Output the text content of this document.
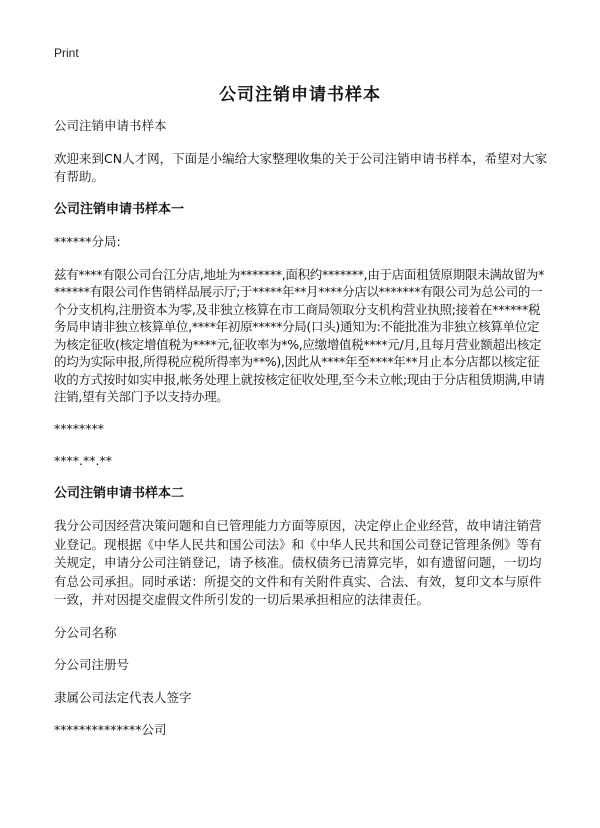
Print
公司注销申请书样本

公司注销申请书样本

欢迎来到CN人才网，下面是小编给大家整理收集的关于公司注销申请书样本，希望对大家有帮助。

公司注销申请书样本一

******分局:

兹有****有限公司台江分店,地址为*******,面积约*******,由于店面租赁原期限未满故留为*******有限公司作售销样品展示厅;于*****年**月****分店以*******有限公司为总公司的一个分支机构,注册资本为零,及非独立核算在市工商局领取分支机构营业执照;接着在******税务局申请非独立核算单位,****年初原*****分局(口头)通知为:不能批准为非独立核算单位定为核定征收(核定增值税为****元,征收率为*%,应缴增值税****元/月,且每月营业额超出核定的均为实际申报,所得税应税所得率为**%),因此从****年至****年**月止本分店都以核定征收的方式按时如实申报,帐务处理上就按核定征收处理,至今未立帐;现由于分店租赁期满,申请注销,望有关部门予以支持办理。

********

****.**.**

公司注销申请书样本二

我分公司因经营决策问题和自已管理能力方面等原因，决定停止企业经营，故申请注销营业登记。现根据《中华人民共和国公司法》和《中华人民共和国公司登记管理条例》等有关规定，申请分公司注销登记，请予核准。债权债务已清算完毕，如有遗留问题，一切均有总公司承担。同时承诺：所提交的文件和有关附件真实、合法、有效，复印文本与原件一致，并对因提交虚假文件所引发的一切后果承担相应的法律责任。

分公司名称

分公司注册号

隶属公司法定代表人签字

**************公司
